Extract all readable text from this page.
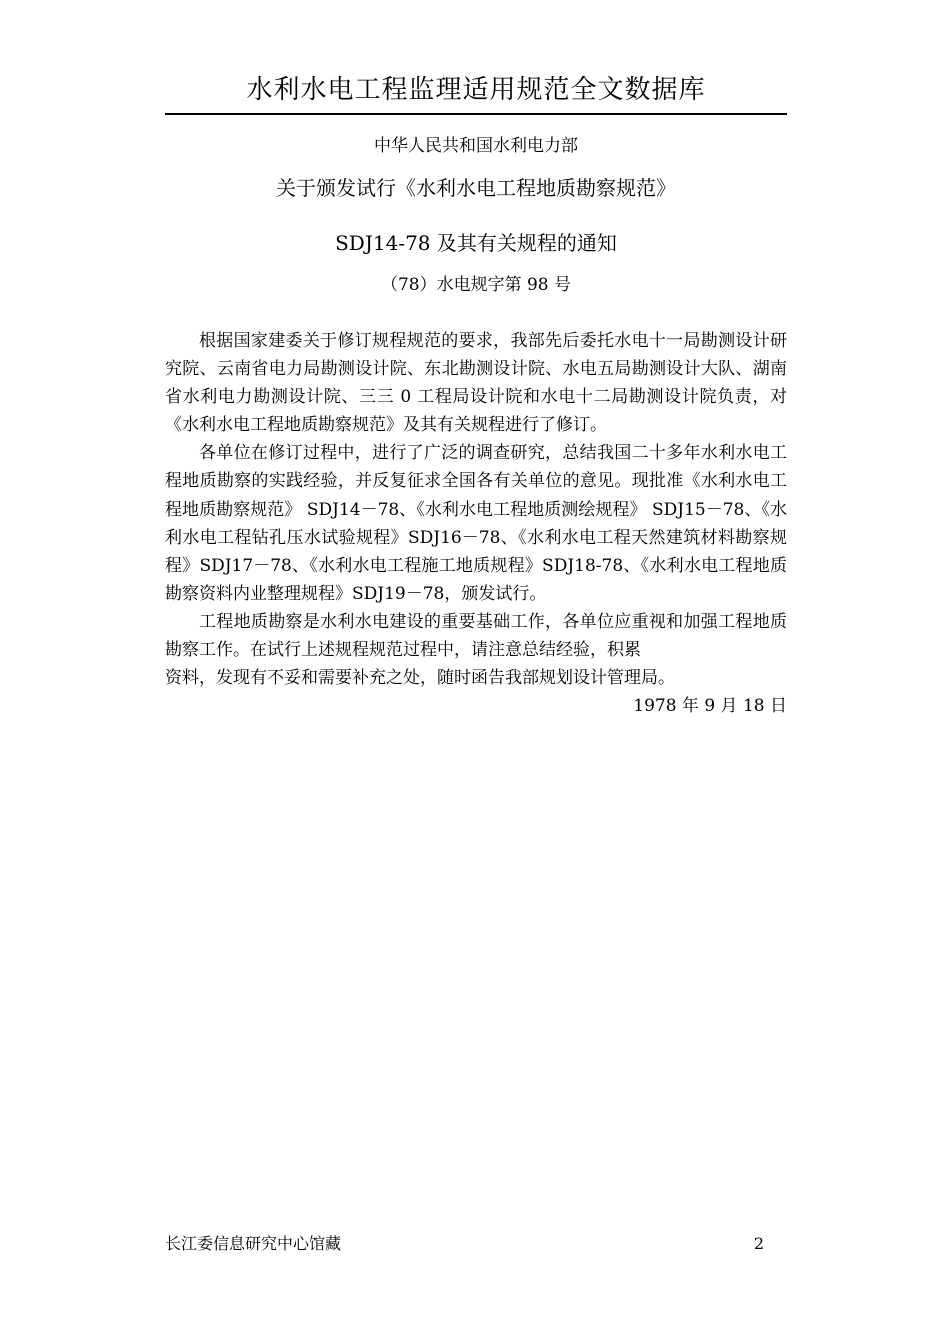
水利水电工程监理适用规范全文数据库
中华人民共和国水利电力部
关于颁发试行《水利水电工程地质勘察规范》
SDJ14-78 及其有关规程的通知
（78）水电规字第 98 号

根据国家建委关于修订规程规范的要求，我部先后委托水电十一局勘测设计研究院、云南省电力局勘测设计院、东北勘测设计院、水电五局勘测设计大队、湖南省水利电力勘测设计院、三三 0 工程局设计院和水电十二局勘测设计院负责，对《水利水电工程地质勘察规范》及其有关规程进行了修订。

各单位在修订过程中，进行了广泛的调查研究，总结我国二十多年水利水电工程地质勘察的实践经验，并反复征求全国各有关单位的意见。现批准《水利水电工程地质勘察规范》 SDJ14－78、《水利水电工程地质测绘规程》 SDJ15－78、《水利水电工程钻孔压水试验规程》SDJ16－78、《水利水电工程天然建筑材料勘察规程》SDJ17－78、《水利水电工程施工地质规程》SDJ18-78、《水利水电工程地质勘察资料内业整理规程》SDJ19－78，颁发试行。

工程地质勘察是水利水电建设的重要基础工作，各单位应重视和加强工程地质勘察工作。在试行上述规程规范过程中，请注意总结经验，积累
资料，发现有不妥和需要补充之处，随时函告我部规划设计管理局。

1978 年 9 月 18 日
长江委信息研究中心馆藏	2
